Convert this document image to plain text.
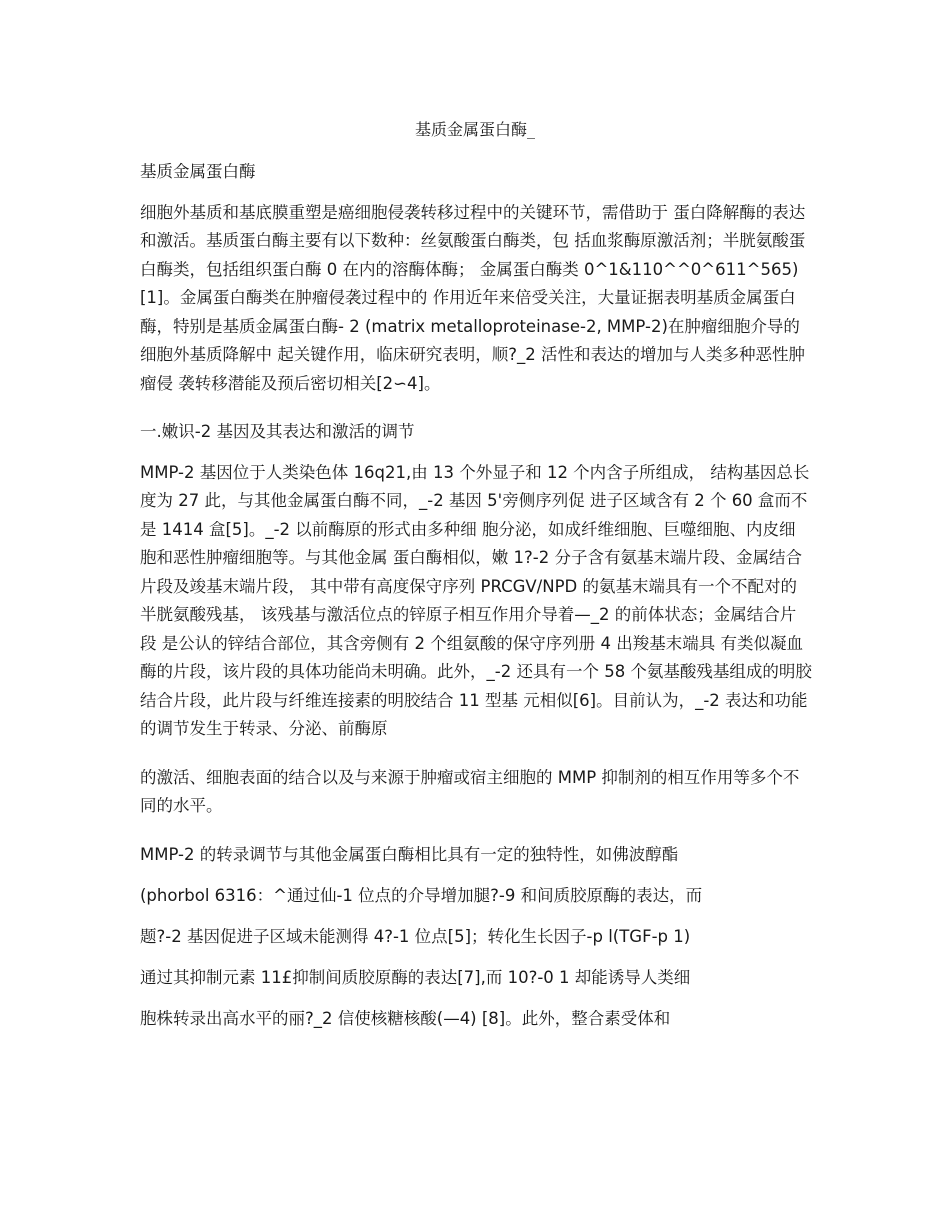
基质金属蛋白酶_

基质金属蛋白酶

细胞外基质和基底膜重塑是癌细胞侵袭转移过程中的关键环节，需借助于 蛋白降解酶的表达和激活。基质蛋白酶主要有以下数种：丝氨酸蛋白酶类，包 括血浆酶原激活剂；半胱氨酸蛋白酶类，包括组织蛋白酶 0 在内的溶酶体酶； 金属蛋白酶类 0^1&110^^0^611^565) [1]。金属蛋白酶类在肿瘤侵袭过程中的 作用近年来倍受关注，大量证据表明基质金属蛋白酶，特别是基质金属蛋白酶- 2 (matrix metalloproteinase-2, MMP-2)在肿瘤细胞介导的细胞外基质降解中 起关键作用，临床研究表明，顺?_2 活性和表达的增加与人类多种恶性肿瘤侵 袭转移潜能及预后密切相关[2∽4]。

一.嫩识-2 基因及其表达和激活的调节

MMP-2 基因位于人类染色体 16q21,由 13 个外显子和 12 个内含子所组成， 结构基因总长度为 27 此，与其他金属蛋白酶不同，_-2 基因 5'旁侧序列促 进子区域含有 2 个 60 盒而不是 1414 盒[5]。_-2 以前酶原的形式由多种细 胞分泌，如成纤维细胞、巨噬细胞、内皮细胞和恶性肿瘤细胞等。与其他金属 蛋白酶相似，嫩 1?-2 分子含有氨基末端片段、金属结合片段及竣基末端片段， 其中带有高度保守序列 PRCGV/NPD 的氨基末端具有一个不配对的半胱氨酸残基， 该残基与激活位点的锌原子相互作用介导着—_2 的前体状态；金属结合片段 是公认的锌结合部位，其含旁侧有 2 个组氨酸的保守序列册 4 出羧基末端具 有类似凝血酶的片段，该片段的具体功能尚未明确。此外，_-2 还具有一个 58 个氨基酸残基组成的明胶结合片段，此片段与纤维连接素的明胶结合 11 型基 元相似[6]。目前认为，_-2 表达和功能的调节发生于转录、分泌、前酶原

的激活、细胞表面的结合以及与来源于肿瘤或宿主细胞的 MMP 抑制剂的相互作用等多个不同的水平。

MMP-2 的转录调节与其他金属蛋白酶相比具有一定的独特性，如佛波醇酯

(phorbol 6316：^通过仙-1 位点的介导增加腿?-9 和间质胶原酶的表达，而

题?-2 基因促进子区域未能测得 4?-1 位点[5]；转化生长因子-p l(TGF-p 1)

通过其抑制元素 11£抑制间质胶原酶的表达[7],而 10?-0 1 却能诱导人类细

胞株转录出高水平的丽?_2 信使核糖核酸(—4) [8]。此外，整合素受体和
